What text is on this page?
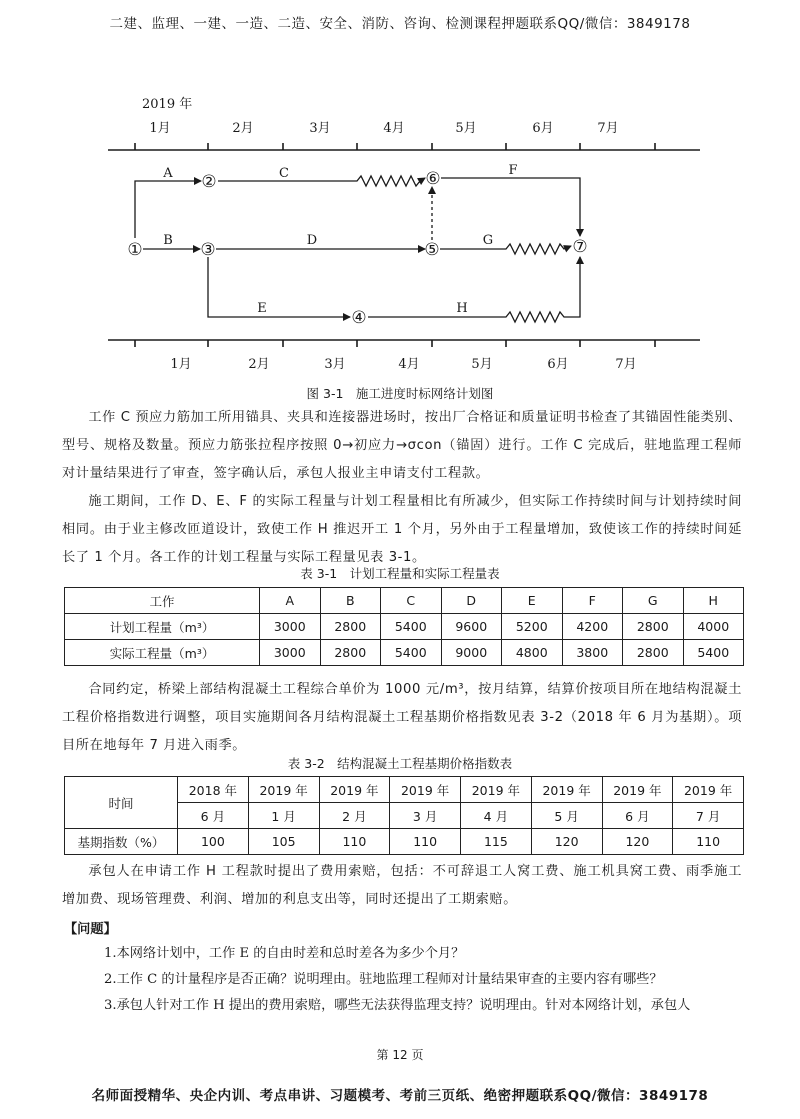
二建、监理、一建、一造、二造、安全、消防、咨询、检测课程押题联系QQ/微信：3849178
2019 年
1月	2月	3月	4月	5月	6月	7月
1月	2月	3月	4月	5月	6月	7月
A
B
C
D
E
F
G
H
①
②
③
④
⑤
⑥
⑦
图 3-1　施工进度时标网络计划图
工作 C 预应力筋加工所用锚具、夹具和连接器进场时，按出厂合格证和质量证明书检查了其锚固性能类别、型号、规格及数量。预应力筋张拉程序按照 0→初应力→σcon（锚固）进行。工作 C 完成后，驻地监理工程师对计量结果进行了审查，签字确认后，承包人报业主申请支付工程款。
施工期间，工作 D、E、F 的实际工程量与计划工程量相比有所减少，但实际工作持续时间与计划持续时间相同。由于业主修改匝道设计，致使工作 H 推迟开工 1 个月，另外由于工程量增加，致使该工作的持续时间延长了 1 个月。各工作的计划工程量与实际工程量见表 3-1。
表 3-1　计划工程量和实际工程量表
工作	A	B	C	D	E	F	G	H
计划工程量（m³）	3000	2800	5400	9600	5200	4200	2800	4000
实际工程量（m³）	3000	2800	5400	9000	4800	3800	2800	5400
合同约定，桥梁上部结构混凝土工程综合单价为 1000 元/m³，按月结算，结算价按项目所在地结构混凝土工程价格指数进行调整，项目实施期间各月结构混凝土工程基期价格指数见表 3-2（2018 年 6 月为基期）。项目所在地每年 7 月进入雨季。
表 3-2　结构混凝土工程基期价格指数表
时间	2018 年	2019 年	2019 年	2019 年	2019 年	2019 年	2019 年	2019 年
	6 月	1 月	2 月	3 月	4 月	5 月	6 月	7 月
基期指数（%）	100	105	110	110	115	120	120	110
承包人在申请工作 H 工程款时提出了费用索赔，包括：不可辞退工人窝工费、施工机具窝工费、雨季施工增加费、现场管理费、利润、增加的利息支出等，同时还提出了工期索赔。
【问题】
1.本网络计划中，工作 E 的自由时差和总时差各为多少个月？
2.工作 C 的计量程序是否正确？说明理由。驻地监理工程师对计量结果审查的主要内容有哪些？
3.承包人针对工作 H 提出的费用索赔，哪些无法获得监理支持？说明理由。针对本网络计划，承包人
第 12 页
名师面授精华、央企内训、考点串讲、习题模考、考前三页纸、绝密押题联系QQ/微信：3849178
